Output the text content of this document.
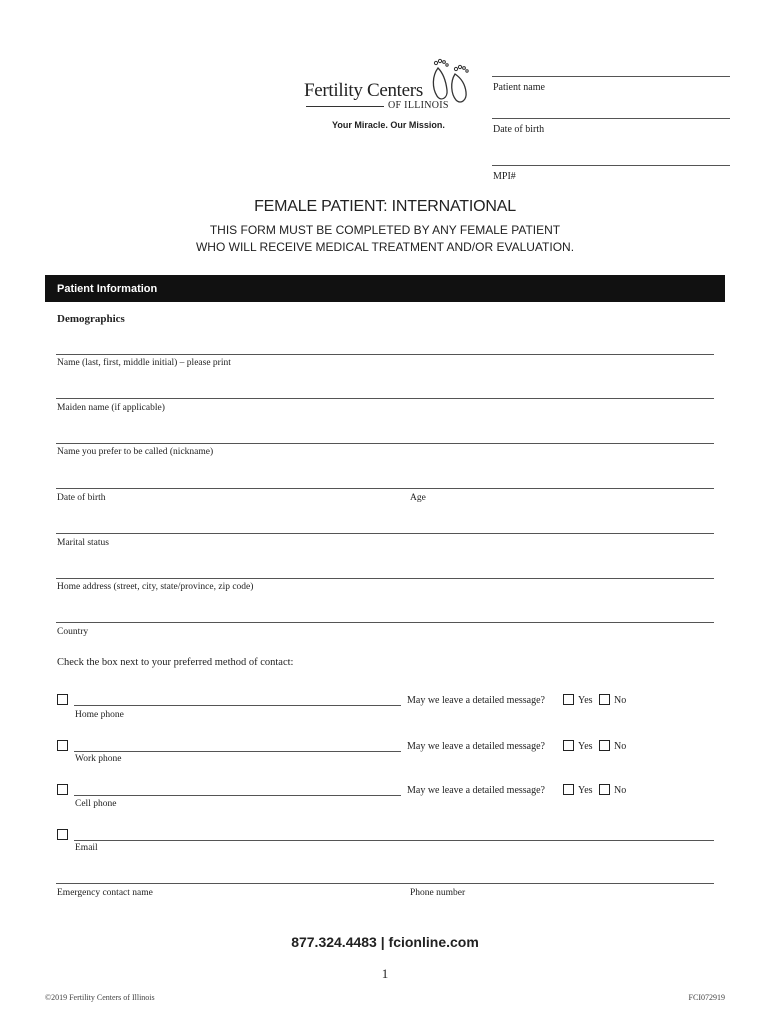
Fertility Centers
OF ILLINOIS
Your Miracle. Our Mission.
Patient name
Date of birth
MPI#
FEMALE PATIENT: INTERNATIONAL
THIS FORM MUST BE COMPLETED BY ANY FEMALE PATIENT
WHO WILL RECEIVE MEDICAL TREATMENT AND/OR EVALUATION.
Patient Information
Demographics
Name (last, first, middle initial) – please print
Maiden name (if applicable)
Name you prefer to be called (nickname)
Date of birth	Age
Marital status
Home address (street, city, state/province, zip code)
Country
Check the box next to your preferred method of contact:
Home phone
May we leave a detailed message?	Yes No
Work phone
May we leave a detailed message?	Yes No
Cell phone
May we leave a detailed message?	Yes No
Email
Emergency contact name	Phone number
877.324.4483 | fcionline.com
1
©2019 Fertility Centers of Illinois	FCI072919
